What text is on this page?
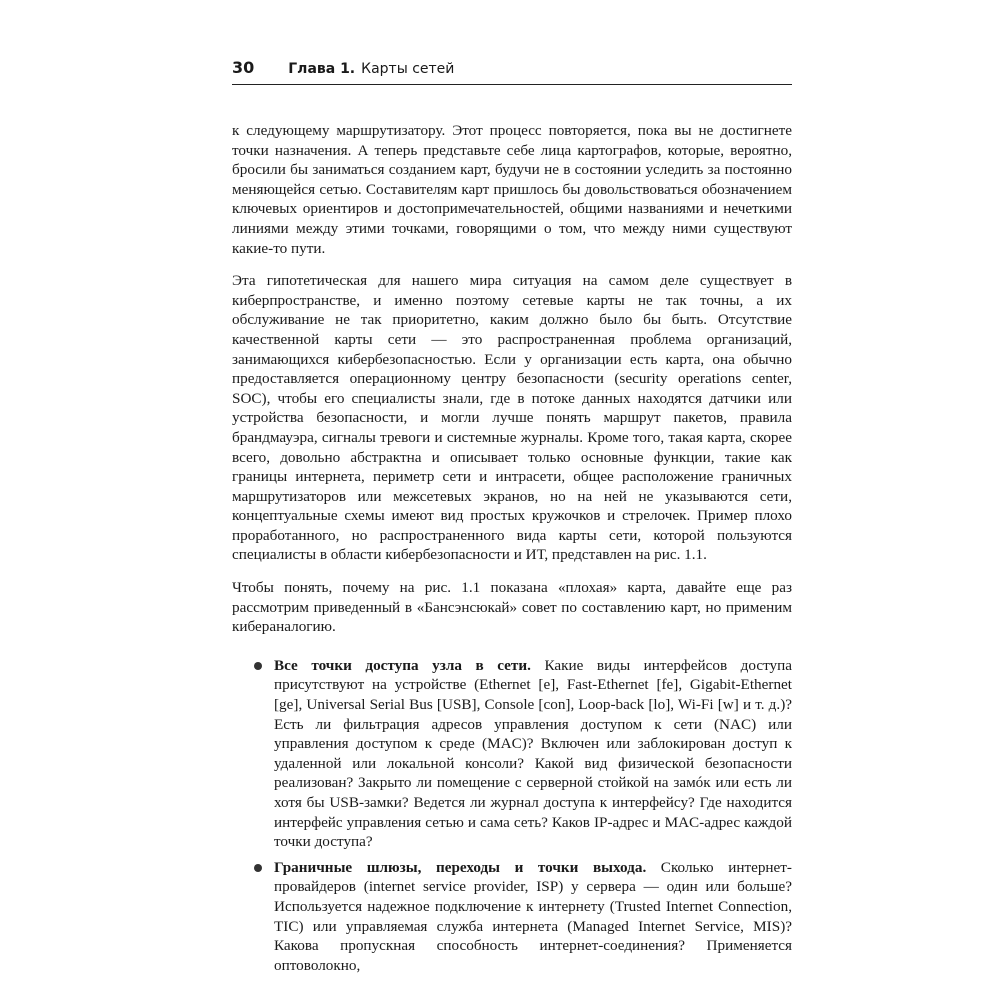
30 Глава 1. Карты сетей

к следующему маршрутизатору. Этот процесс повторяется, пока вы не достигнете точки назначения. А теперь представьте себе лица картографов, которые, вероятно, бросили бы заниматься созданием карт, будучи не в состоянии уследить за постоянно меняющейся сетью. Составителям карт пришлось бы довольствоваться обозначением ключевых ориентиров и достопримечательностей, общими названиями и нечеткими линиями между этими точками, говорящими о том, что между ними существуют какие-то пути.

Эта гипотетическая для нашего мира ситуация на самом деле существует в киберпространстве, и именно поэтому сетевые карты не так точны, а их обслуживание не так приоритетно, каким должно было бы быть. Отсутствие качественной карты сети — это распространенная проблема организаций, занимающихся кибербезопасностью. Если у организации есть карта, она обычно предоставляется операционному центру безопасности (security operations center, SOC), чтобы его специалисты знали, где в потоке данных находятся датчики или устройства безопасности, и могли лучше понять маршрут пакетов, правила брандмауэра, сигналы тревоги и системные журналы. Кроме того, такая карта, скорее всего, довольно абстрактна и описывает только основные функции, такие как границы интернета, периметр сети и интрасети, общее расположение граничных маршрутизаторов или межсетевых экранов, но на ней не указываются сети, концептуальные схемы имеют вид простых кружочков и стрелочек. Пример плохо проработанного, но распространенного вида карты сети, которой пользуются специалисты в области кибербезопасности и ИТ, представлен на рис. 1.1.

Чтобы понять, почему на рис. 1.1 показана «плохая» карта, давайте еще раз рассмотрим приведенный в «Бансэнсюкай» совет по составлению карт, но применим кибераналогию.

Все точки доступа узла в сети. Какие виды интерфейсов доступа присутствуют на устройстве (Ethernet [e], Fast-Ethernet [fe], Gigabit-Ethernet [ge], Universal Serial Bus [USB], Console [con], Loop-back [lo], Wi-Fi [w] и т. д.)? Есть ли фильтрация адресов управления доступом к сети (NAC) или управления доступом к среде (MAC)? Включен или заблокирован доступ к удаленной или локальной консоли? Какой вид физической безопасности реализован? Закрыто ли помещение с серверной стойкой на замóк или есть ли хотя бы USB-замки? Ведется ли журнал доступа к интерфейсу? Где находится интерфейс управления сетью и сама сеть? Каков IP-адрес и MAC-адрес каждой точки доступа?
Граничные шлюзы, переходы и точки выхода. Сколько интернет-провайдеров (internet service provider, ISP) у сервера — один или больше? Используется надежное подключение к интернету (Trusted Internet Connection, TIC) или управляемая служба интернета (Managed Internet Service, MIS)? Какова пропускная способность интернет-соединения? Применяется оптоволокно,
